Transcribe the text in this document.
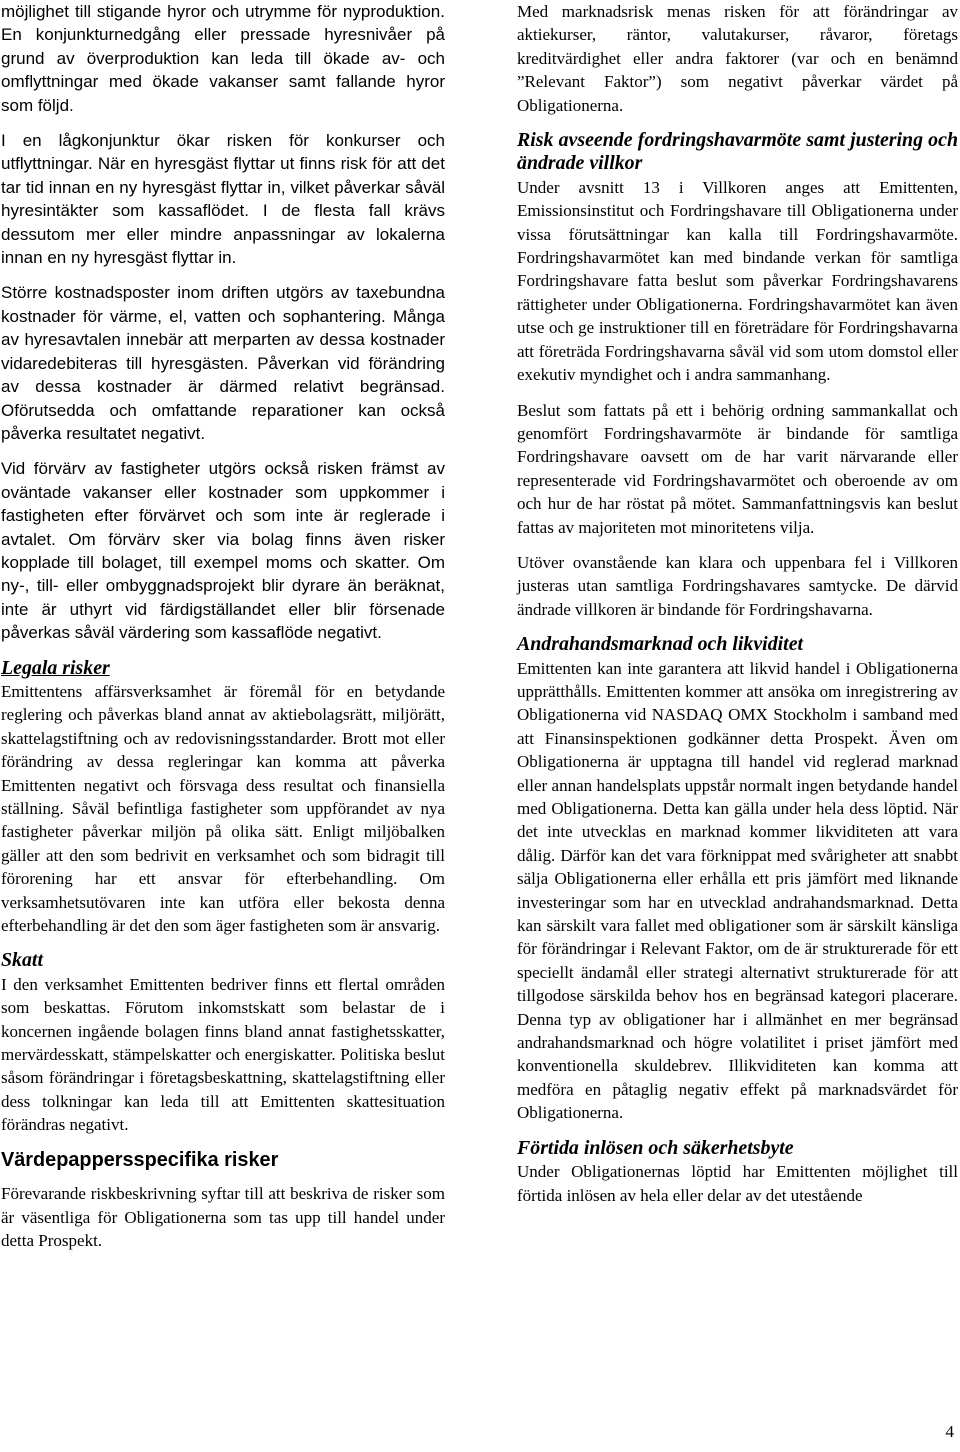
möjlighet till stigande hyror och utrymme för nyproduktion. En konjunkturnedgång eller pressade hyresnivåer på grund av överproduktion kan leda till ökade av- och omflyttningar med ökade vakanser samt fallande hyror som följd.

I en lågkonjunktur ökar risken för konkurser och utflyttningar. När en hyresgäst flyttar ut finns risk för att det tar tid innan en ny hyresgäst flyttar in, vilket påverkar såväl hyresintäkter som kassaflödet. I de flesta fall krävs dessutom mer eller mindre anpassningar av lokalerna innan en ny hyresgäst flyttar in.

Större kostnadsposter inom driften utgörs av taxebundna kostnader för värme, el, vatten och sophantering. Många av hyresavtalen innebär att merparten av dessa kostnader vidaredebiteras till hyresgästen. Påverkan vid förändring av dessa kostnader är därmed relativt begränsad. Oförutsedda och omfattande reparationer kan också påverka resultatet negativt.

Vid förvärv av fastigheter utgörs också risken främst av oväntade vakanser eller kostnader som uppkommer i fastigheten efter förvärvet och som inte är reglerade i avtalet. Om förvärv sker via bolag finns även risker kopplade till bolaget, till exempel moms och skatter. Om ny-, till- eller ombyggnadsprojekt blir dyrare än beräknat, inte är uthyrt vid färdigställandet eller blir försenade påverkas såväl värdering som kassaflöde negativt.

Legala risker

Emittentens affärsverksamhet är föremål för en betydande reglering och påverkas bland annat av aktiebolagsrätt, miljörätt, skattelagstiftning och av redovisningsstandarder. Brott mot eller förändring av dessa regleringar kan komma att påverka Emittenten negativt och försvaga dess resultat och finansiella ställning. Såväl befintliga fastigheter som uppförandet av nya fastigheter påverkar miljön på olika sätt. Enligt miljöbalken gäller att den som bedrivit en verksamhet och som bidragit till förorening har ett ansvar för efterbehandling. Om verksamhetsutövaren inte kan utföra eller bekosta denna efterbehandling är det den som äger fastigheten som är ansvarig.

Skatt

I den verksamhet Emittenten bedriver finns ett flertal områden som beskattas. Förutom inkomstskatt som belastar de i koncernen ingående bolagen finns bland annat fastighetsskatter, mervärdesskatt, stämpelskatter och energiskatter. Politiska beslut såsom förändringar i företagsbeskattning, skattelagstiftning eller dess tolkningar kan leda till att Emittenten skattesituation förändras negativt.

Värdepappersspecifika risker

Förevarande riskbeskrivning syftar till att beskriva de risker som är väsentliga för Obligationerna som tas upp till handel under detta Prospekt.

Med marknadsrisk menas risken för att förändringar av aktiekurser, räntor, valutakurser, råvaror, företags kreditvärdighet eller andra faktorer (var och en benämnd ”Relevant Faktor”) som negativt påverkar värdet på Obligationerna.

Risk avseende fordringshavarmöte samt justering och ändrade villkor

Under avsnitt 13 i Villkoren anges att Emittenten, Emissionsinstitut och Fordringshavare till Obligationerna under vissa förutsättningar kan kalla till Fordringshavarmöte. Fordringshavarmötet kan med bindande verkan för samtliga Fordringshavare fatta beslut som påverkar Fordringshavarens rättigheter under Obligationerna. Fordringshavarmötet kan även utse och ge instruktioner till en företrädare för Fordringshavarna att företräda Fordringshavarna såväl vid som utom domstol eller exekutiv myndighet och i andra sammanhang.

Beslut som fattats på ett i behörig ordning sammankallat och genomfört Fordringshavarmöte är bindande för samtliga Fordringshavare oavsett om de har varit närvarande eller representerade vid Fordringshavarmötet och oberoende av om och hur de har röstat på mötet. Sammanfattningsvis kan beslut fattas av majoriteten mot minoritetens vilja.

Utöver ovanstående kan klara och uppenbara fel i Villkoren justeras utan samtliga Fordringshavares samtycke. De därvid ändrade villkoren är bindande för Fordringshavarna.

Andrahandsmarknad och likviditet

Emittenten kan inte garantera att likvid handel i Obligationerna upprätthålls. Emittenten kommer att ansöka om inregistrering av Obligationerna vid NASDAQ OMX Stockholm i samband med att Finansinspektionen godkänner detta Prospekt. Även om Obligationerna är upptagna till handel vid reglerad marknad eller annan handelsplats uppstår normalt ingen betydande handel med Obligationerna. Detta kan gälla under hela dess löptid. När det inte utvecklas en marknad kommer likviditeten att vara dålig. Därför kan det vara förknippat med svårigheter att snabbt sälja Obligationerna eller erhålla ett pris jämfört med liknande investeringar som har en utvecklad andrahandsmarknad. Detta kan särskilt vara fallet med obligationer som är särskilt känsliga för förändringar i Relevant Faktor, om de är strukturerade för ett speciellt ändamål eller strategi alternativt strukturerade för att tillgodose särskilda behov hos en begränsad kategori placerare. Denna typ av obligationer har i allmänhet en mer begränsad andrahandsmarknad och högre volatilitet i priset jämfört med konventionella skuldebrev. Illikviditeten kan komma att medföra en påtaglig negativ effekt på marknadsvärdet för Obligationerna.

Förtida inlösen och säkerhetsbyte

Under Obligationernas löptid har Emittenten möjlighet till förtida inlösen av hela eller delar av det utestående

4
